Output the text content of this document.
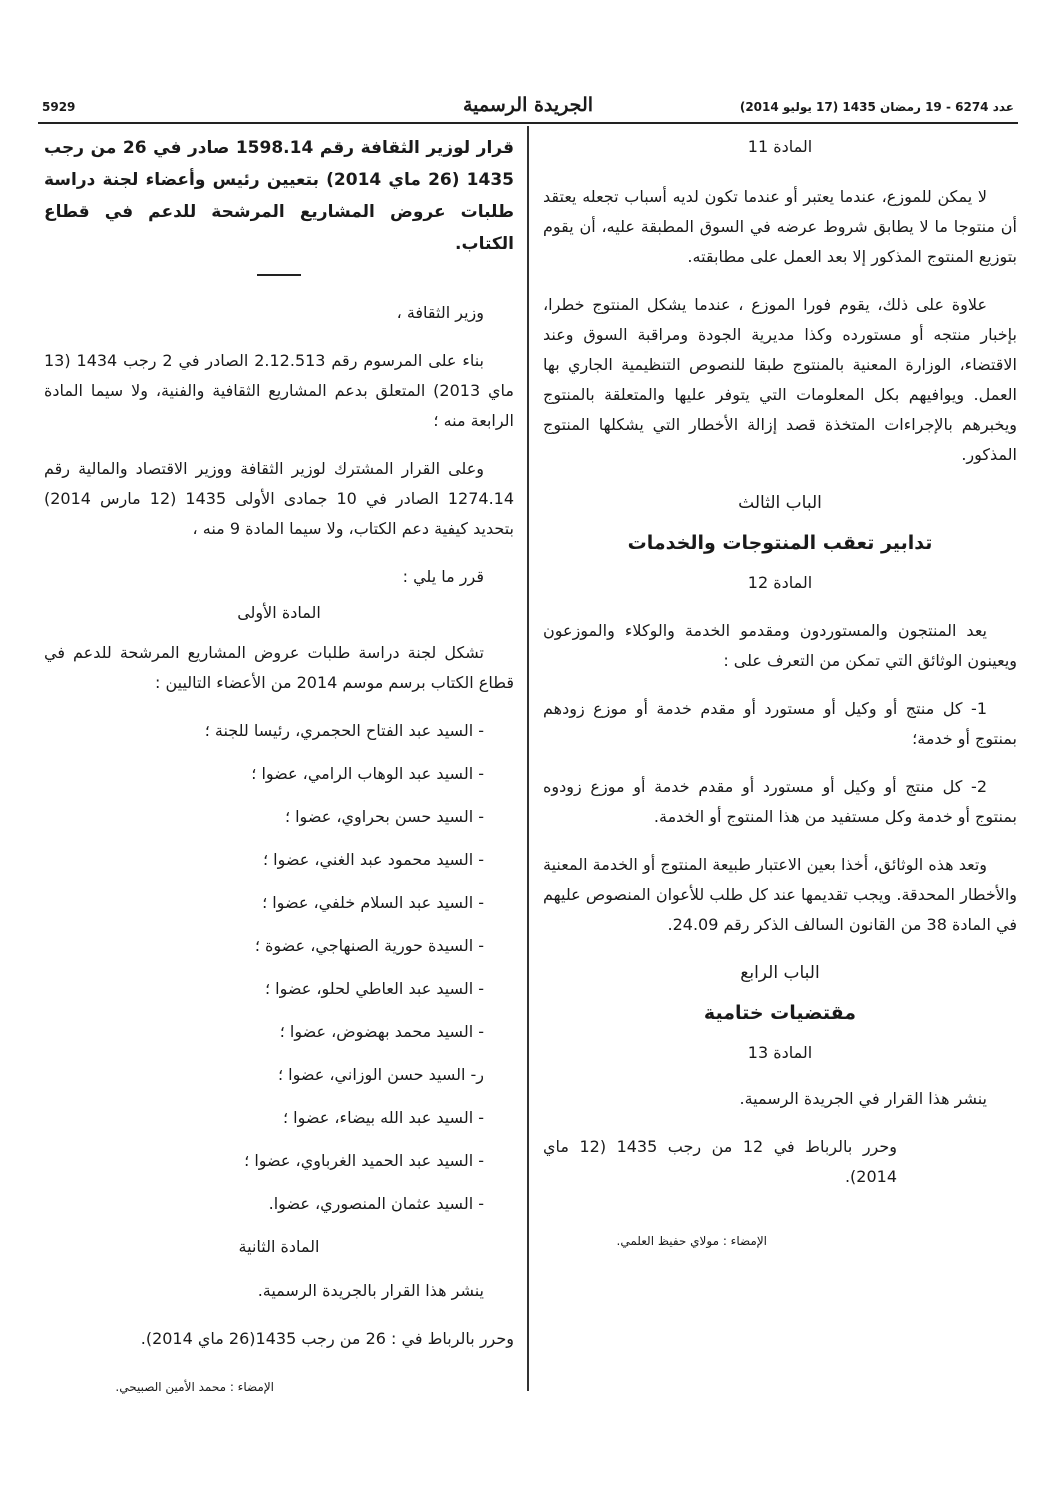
5929	الجريدة الرسمية	عدد 6274 - 19 رمضان 1435 (17 يوليو 2014)
المادة 11

لا يمكن للموزع، عندما يعتبر أو عندما تكون لديه أسباب تجعله يعتقد أن منتوجا ما لا يطابق شروط عرضه في السوق المطبقة عليه، أن يقوم بتوزيع المنتوج المذكور إلا بعد العمل على مطابقته.

علاوة على ذلك، يقوم فورا الموزع ، عندما يشكل المنتوج خطرا، بإخبار منتجه أو مستورده وكذا مديرية الجودة ومراقبة السوق وعند الاقتضاء، الوزارة المعنية بالمنتوج طبقا للنصوص التنظيمية الجاري بها العمل. ويوافيهم بكل المعلومات التي يتوفر عليها والمتعلقة بالمنتوج ويخبرهم بالإجراءات المتخذة قصد إزالة الأخطار التي يشكلها المنتوج المذكور.

الباب الثالث
تدابير تعقب المنتوجات والخدمات
المادة 12

يعد المنتجون والمستوردون ومقدمو الخدمة والوكلاء والموزعون ويعينون الوثائق التي تمكن من التعرف على :

1- كل منتج أو وكيل أو مستورد أو مقدم خدمة أو موزع زودهم بمنتوج أو خدمة؛

2- كل منتج أو وكيل أو مستورد أو مقدم خدمة أو موزع زودوه بمنتوج أو خدمة وكل مستفيد من هذا المنتوج أو الخدمة.

وتعد هذه الوثائق، أخذا بعين الاعتبار طبيعة المنتوج أو الخدمة المعنية والأخطار المحدقة. ويجب تقديمها عند كل طلب للأعوان المنصوص عليهم في المادة 38 من القانون السالف الذكر رقم 24.09.

الباب الرابع
مقتضيات ختامية
المادة 13

ينشر هذا القرار في الجريدة الرسمية.

وحرر بالرباط في 12 من رجب 1435 (12 ماي 2014).

الإمضاء : مولاي حفيظ العلمي.
قرار لوزير الثقافة رقم 1598.14 صادر في 26 من رجب 1435 (26 ماي 2014) بتعيين رئيس وأعضاء لجنة دراسة طلبات عروض المشاريع المرشحة للدعم في قطاع الكتاب.

وزير الثقافة ،

بناء على المرسوم رقم 2.12.513 الصادر في 2 رجب 1434 (13 ماي 2013) المتعلق بدعم المشاريع الثقافية والفنية، ولا سيما المادة الرابعة منه ؛

وعلى القرار المشترك لوزير الثقافة ووزير الاقتصاد والمالية رقم 1274.14 الصادر في 10 جمادى الأولى 1435 (12 مارس 2014) بتحديد كيفية دعم الكتاب، ولا سيما المادة 9 منه ،

قرر ما يلي :

المادة الأولى

تشكل لجنة دراسة طلبات عروض المشاريع المرشحة للدعم في قطاع الكتاب برسم موسم 2014 من الأعضاء التاليين :

- السيد عبد الفتاح الحجمري، رئيسا للجنة ؛
- السيد عبد الوهاب الرامي، عضوا ؛
- السيد حسن بحراوي، عضوا ؛
- السيد محمود عبد الغني، عضوا ؛
- السيد عبد السلام خلفي، عضوا ؛
- السيدة حورية الصنهاجي، عضوة ؛
- السيد عبد العاطي لحلو، عضوا ؛
- السيد محمد بهضوض، عضوا ؛
ر- السيد حسن الوزاني، عضوا ؛
- السيد عبد الله بيضاء، عضوا ؛
- السيد عبد الحميد الغرباوي، عضوا ؛
- السيد عثمان المنصوري، عضوا.
المادة الثانية

ينشر هذا القرار بالجريدة الرسمية.

وحرر بالرباط في : 26 من رجب 1435(26 ماي 2014).

الإمضاء : محمد الأمين الصبيحي.
